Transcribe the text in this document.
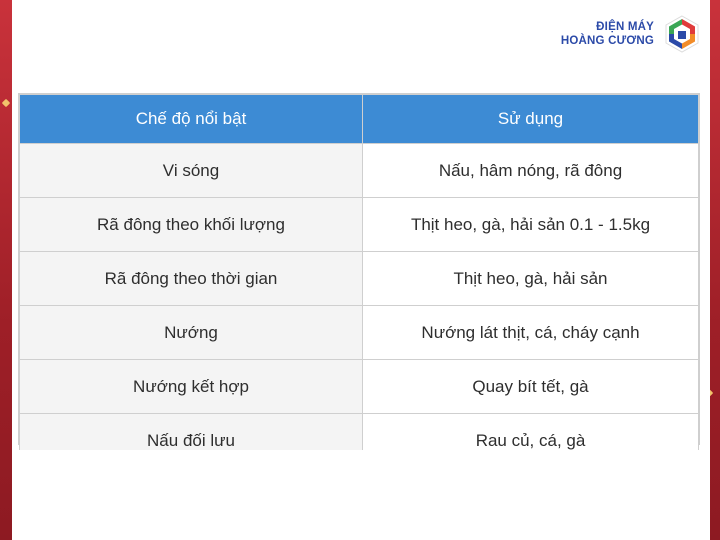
ĐIỆN MÁY
HOÀNG CƯƠNG
Chế độ nổi bật	Sử dụng
Vi sóng	Nấu, hâm nóng, rã đông
Rã đông theo khối lượng	Thịt heo, gà, hải sản 0.1 - 1.5kg
Rã đông theo thời gian	Thịt heo, gà, hải sản
Nướng	Nướng lát thịt, cá, cháy cạnh
Nướng kết hợp	Quay bít tết, gà
Nấu đối lưu	Rau củ, cá, gà
